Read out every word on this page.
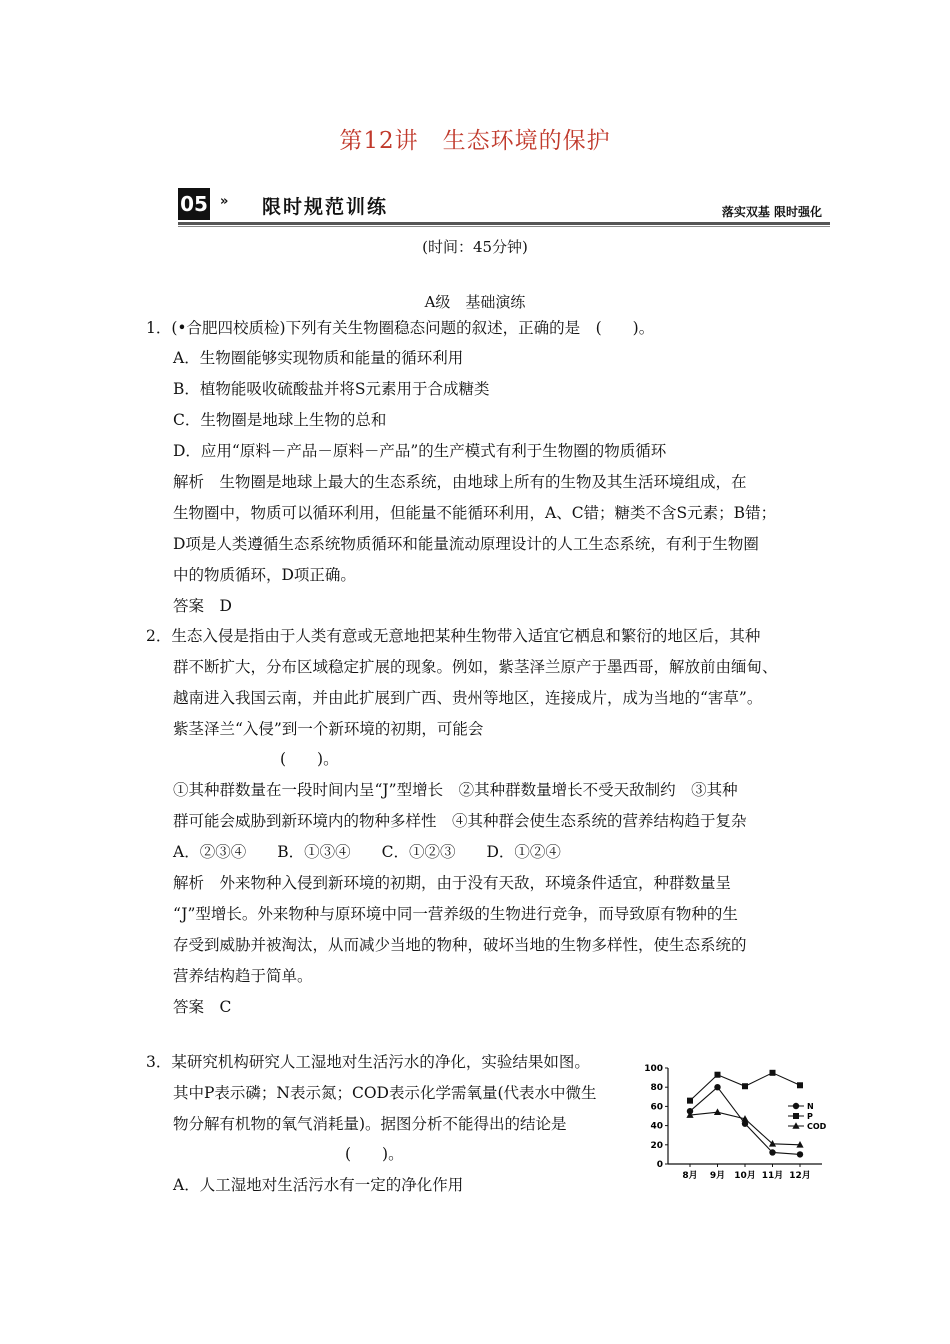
第12讲　生态环境的保护
05 » 限时规范训练	落实双基 限时强化
(时间：45分钟)
A级　基础演练
1．(•合肥四校质检)下列有关生物圈稳态问题的叙述，正确的是　(　　)。
A．生物圈能够实现物质和能量的循环利用
B．植物能吸收硫酸盐并将S元素用于合成糖类
C．生物圈是地球上生物的总和
D．应用“原料－产品－原料－产品”的生产模式有利于生物圈的物质循环
解析　生物圈是地球上最大的生态系统，由地球上所有的生物及其生活环境组成，在
生物圈中，物质可以循环利用，但能量不能循环利用，A、C错；糖类不含S元素；B错；
D项是人类遵循生态系统物质循环和能量流动原理设计的人工生态系统，有利于生物圈
中的物质循环，D项正确。
答案　D
2．生态入侵是指由于人类有意或无意地把某种生物带入适宜它栖息和繁衍的地区后，其种
群不断扩大，分布区域稳定扩展的现象。例如，紫茎泽兰原产于墨西哥，解放前由缅甸、
越南进入我国云南，并由此扩展到广西、贵州等地区，连接成片，成为当地的“害草”。
紫茎泽兰“入侵”到一个新环境的初期，可能会
(　　)。
①其种群数量在一段时间内呈“J”型增长　②其种群数量增长不受天敌制约　③其种
群可能会威胁到新环境内的物种多样性　④其种群会使生态系统的营养结构趋于复杂
A．②③④　　B．①③④　　C．①②③　　D．①②④
解析　外来物种入侵到新环境的初期，由于没有天敌，环境条件适宜，种群数量呈
“J”型增长。外来物种与原环境中同一营养级的生物进行竞争，而导致原有物种的生
存受到威胁并被淘汰，从而减少当地的物种，破坏当地的生物多样性，使生态系统的
营养结构趋于简单。
答案　C
3．某研究机构研究人工湿地对生活污水的净化，实验结果如图。
其中P表示磷；N表示氮；COD表示化学需氧量(代表水中微生
物分解有机物的氧气消耗量)。据图分析不能得出的结论是
(　　)。
A．人工湿地对生活污水有一定的净化作用
100
80
60
40
20
0
8月 9月 10月 11月 12月
N
P
COD
